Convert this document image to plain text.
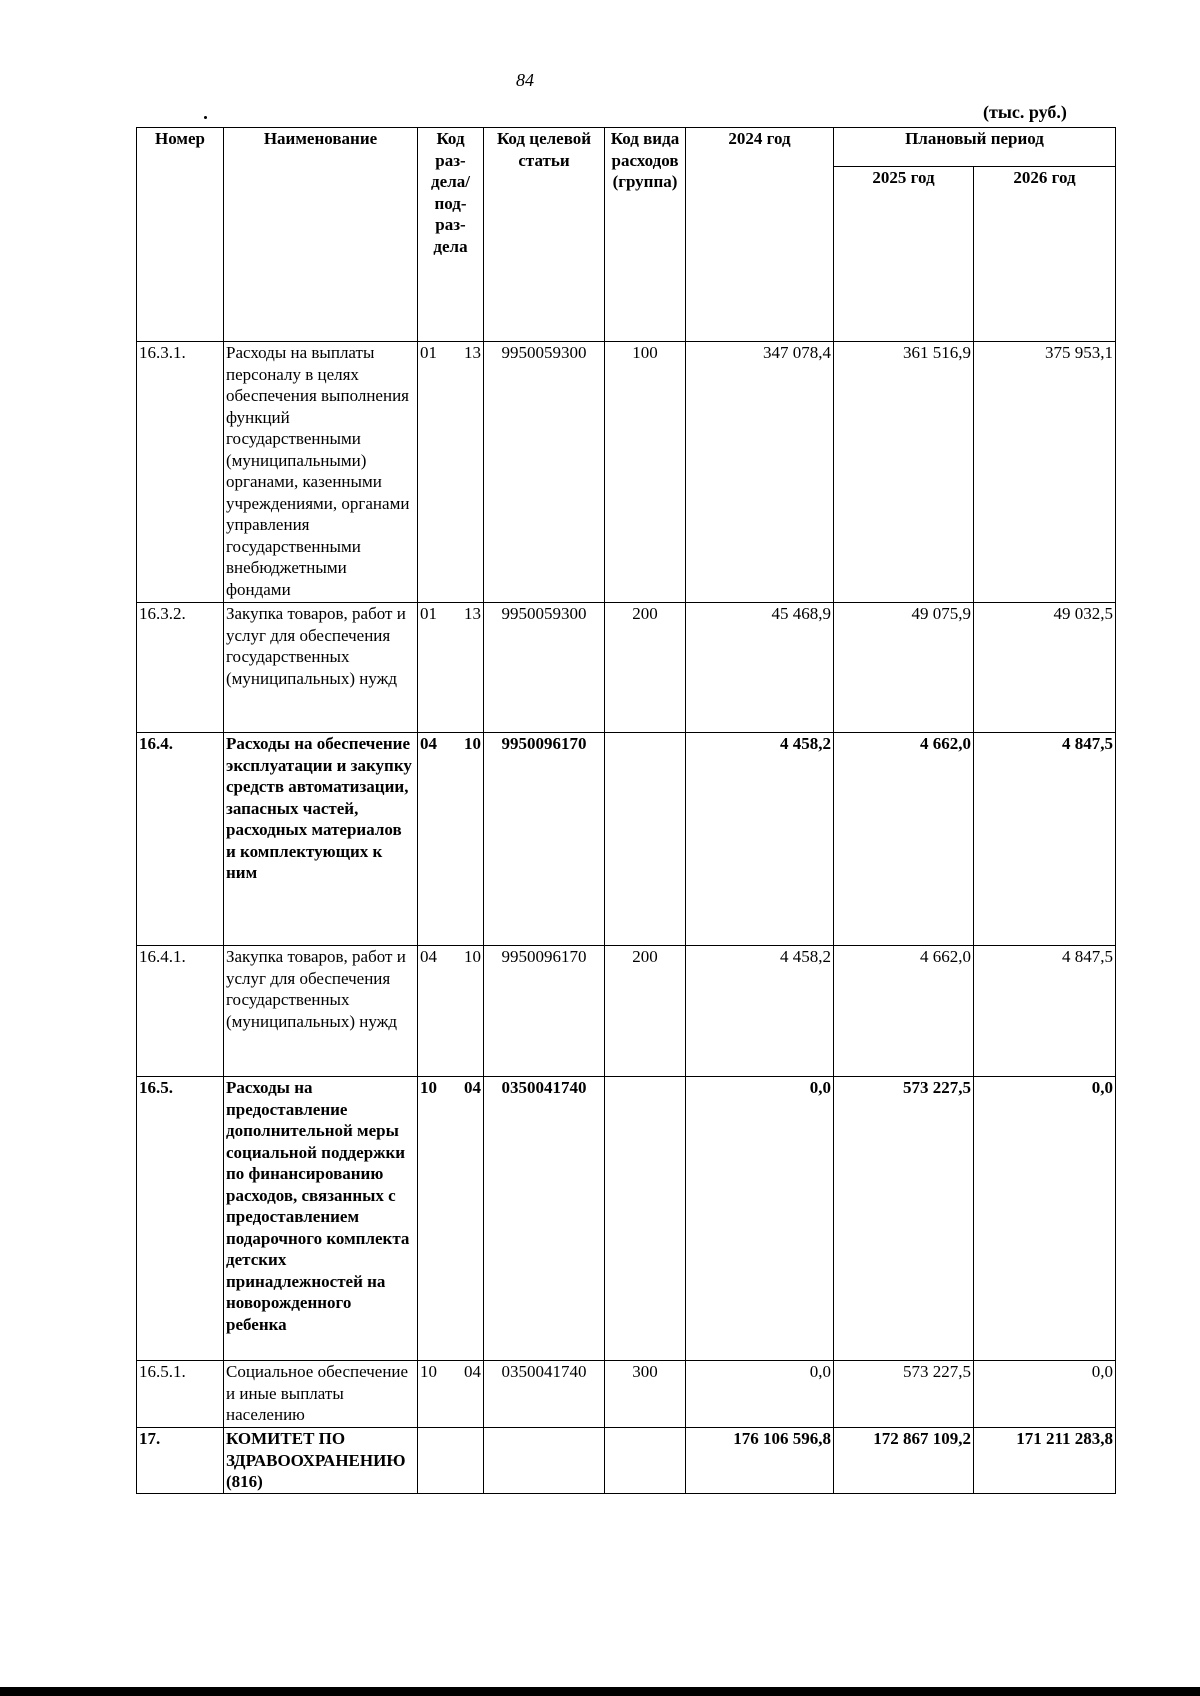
84
(тыс. руб.)
Номер	Наименование	Код раз-дела/ под-раз-дела	Код целевой статьи	Код вида расходов (группа)	2024 год	Плановый период	
						2025 год	2026 год
16.3.1.	Расходы на выплаты персоналу в целях обеспечения выполнения функций государственными (муниципальными) органами, казенными учреждениями, органами управления государственными внебюджетными фондами	01 13	9950059300	100	347 078,4	361 516,9	375 953,1
16.3.2.	Закупка товаров, работ и услуг для обеспечения государственных (муниципальных) нужд	01 13	9950059300	200	45 468,9	49 075,9	49 032,5
16.4.	Расходы на обеспечение эксплуатации и закупку средств автоматизации, запасных частей, расходных материалов и комплектующих к ним	04 10	9950096170		4 458,2	4 662,0	4 847,5
16.4.1.	Закупка товаров, работ и услуг для обеспечения государственных (муниципальных) нужд	04 10	9950096170	200	4 458,2	4 662,0	4 847,5
16.5.	Расходы на предоставление дополнительной меры социальной поддержки по финансированию расходов, связанных с предоставлением подарочного комплекта детских принадлежностей на новорожденного ребенка	10 04	0350041740		0,0	573 227,5	0,0
16.5.1.	Социальное обеспечение и иные выплаты населению	10 04	0350041740	300	0,0	573 227,5	0,0
17.	КОМИТЕТ ПО ЗДРАВООХРАНЕНИЮ (816)				176 106 596,8	172 867 109,2	171 211 283,8
